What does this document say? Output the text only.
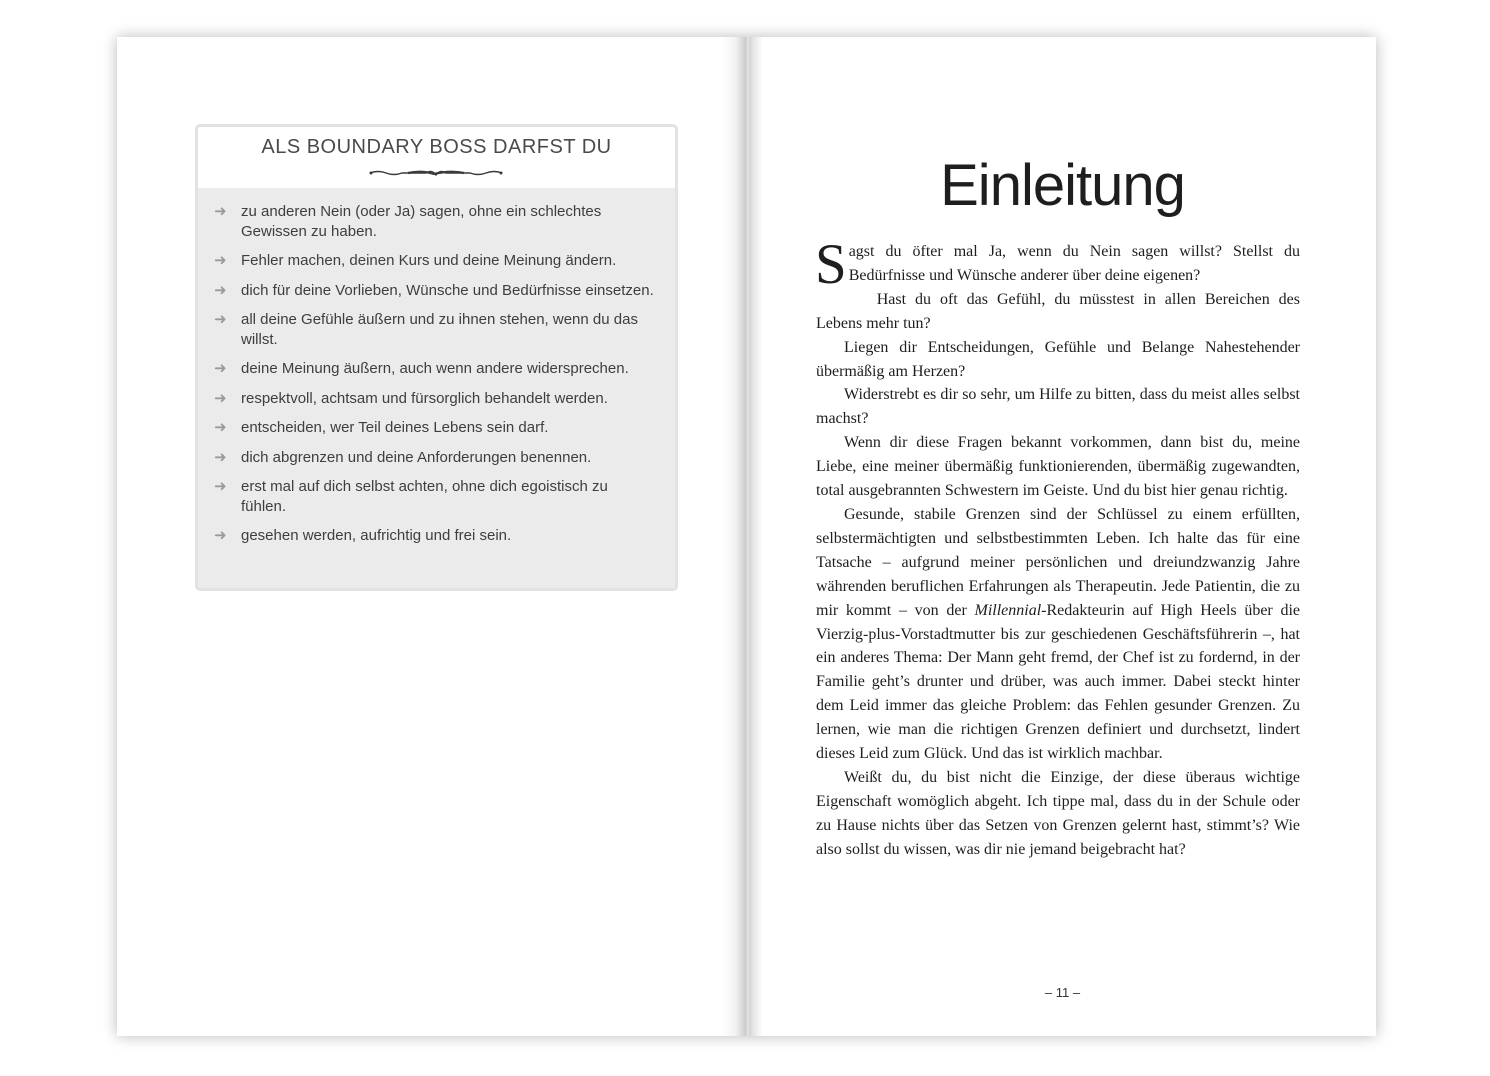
ALS BOUNDARY BOSS DARFST DU
➜ zu anderen Nein (oder Ja) sagen, ohne ein schlechtes Gewissen zu haben.
➜ Fehler machen, deinen Kurs und deine Meinung ändern.
➜ dich für deine Vorlieben, Wünsche und Bedürfnisse einsetzen.
➜ all deine Gefühle äußern und zu ihnen stehen, wenn du das willst.
➜ deine Meinung äußern, auch wenn andere widersprechen.
➜ respektvoll, achtsam und fürsorglich behandelt werden.
➜ entscheiden, wer Teil deines Lebens sein darf.
➜ dich abgrenzen und deine Anforderungen benennen.
➜ erst mal auf dich selbst achten, ohne dich egoistisch zu fühlen.
➜ gesehen werden, aufrichtig und frei sein.
Einleitung

Sagst du öfter mal Ja, wenn du Nein sagen willst? Stellst du Bedürfnisse und Wünsche anderer über deine eigenen?

Hast du oft das Gefühl, du müsstest in allen Bereichen des Lebens mehr tun?

Liegen dir Entscheidungen, Gefühle und Belange Nahestehender übermäßig am Herzen?

Widerstrebt es dir so sehr, um Hilfe zu bitten, dass du meist alles selbst machst?

Wenn dir diese Fragen bekannt vorkommen, dann bist du, meine Liebe, eine meiner übermäßig funktionierenden, übermäßig zugewandten, total ausgebrannten Schwestern im Geiste. Und du bist hier genau richtig.

Gesunde, stabile Grenzen sind der Schlüssel zu einem erfüllten, selbstermächtigten und selbstbestimmten Leben. Ich halte das für eine Tatsache – aufgrund meiner persönlichen und dreiundzwanzig Jahre währenden beruflichen Erfahrungen als Therapeutin. Jede Patientin, die zu mir kommt – von der Millennial-Redakteurin auf High Heels über die Vierzig-plus-Vorstadtmutter bis zur geschiedenen Geschäftsführerin –, hat ein anderes Thema: Der Mann geht fremd, der Chef ist zu fordernd, in der Familie geht’s drunter und drüber, was auch immer. Dabei steckt hinter dem Leid immer das gleiche Problem: das Fehlen gesunder Grenzen. Zu lernen, wie man die richtigen Grenzen definiert und durchsetzt, lindert dieses Leid zum Glück. Und das ist wirklich machbar.

Weißt du, du bist nicht die Einzige, der diese überaus wichtige Eigenschaft womöglich abgeht. Ich tippe mal, dass du in der Schule oder zu Hause nichts über das Setzen von Grenzen gelernt hast, stimmt’s? Wie also sollst du wissen, was dir nie jemand beigebracht hat?

– 11 –
